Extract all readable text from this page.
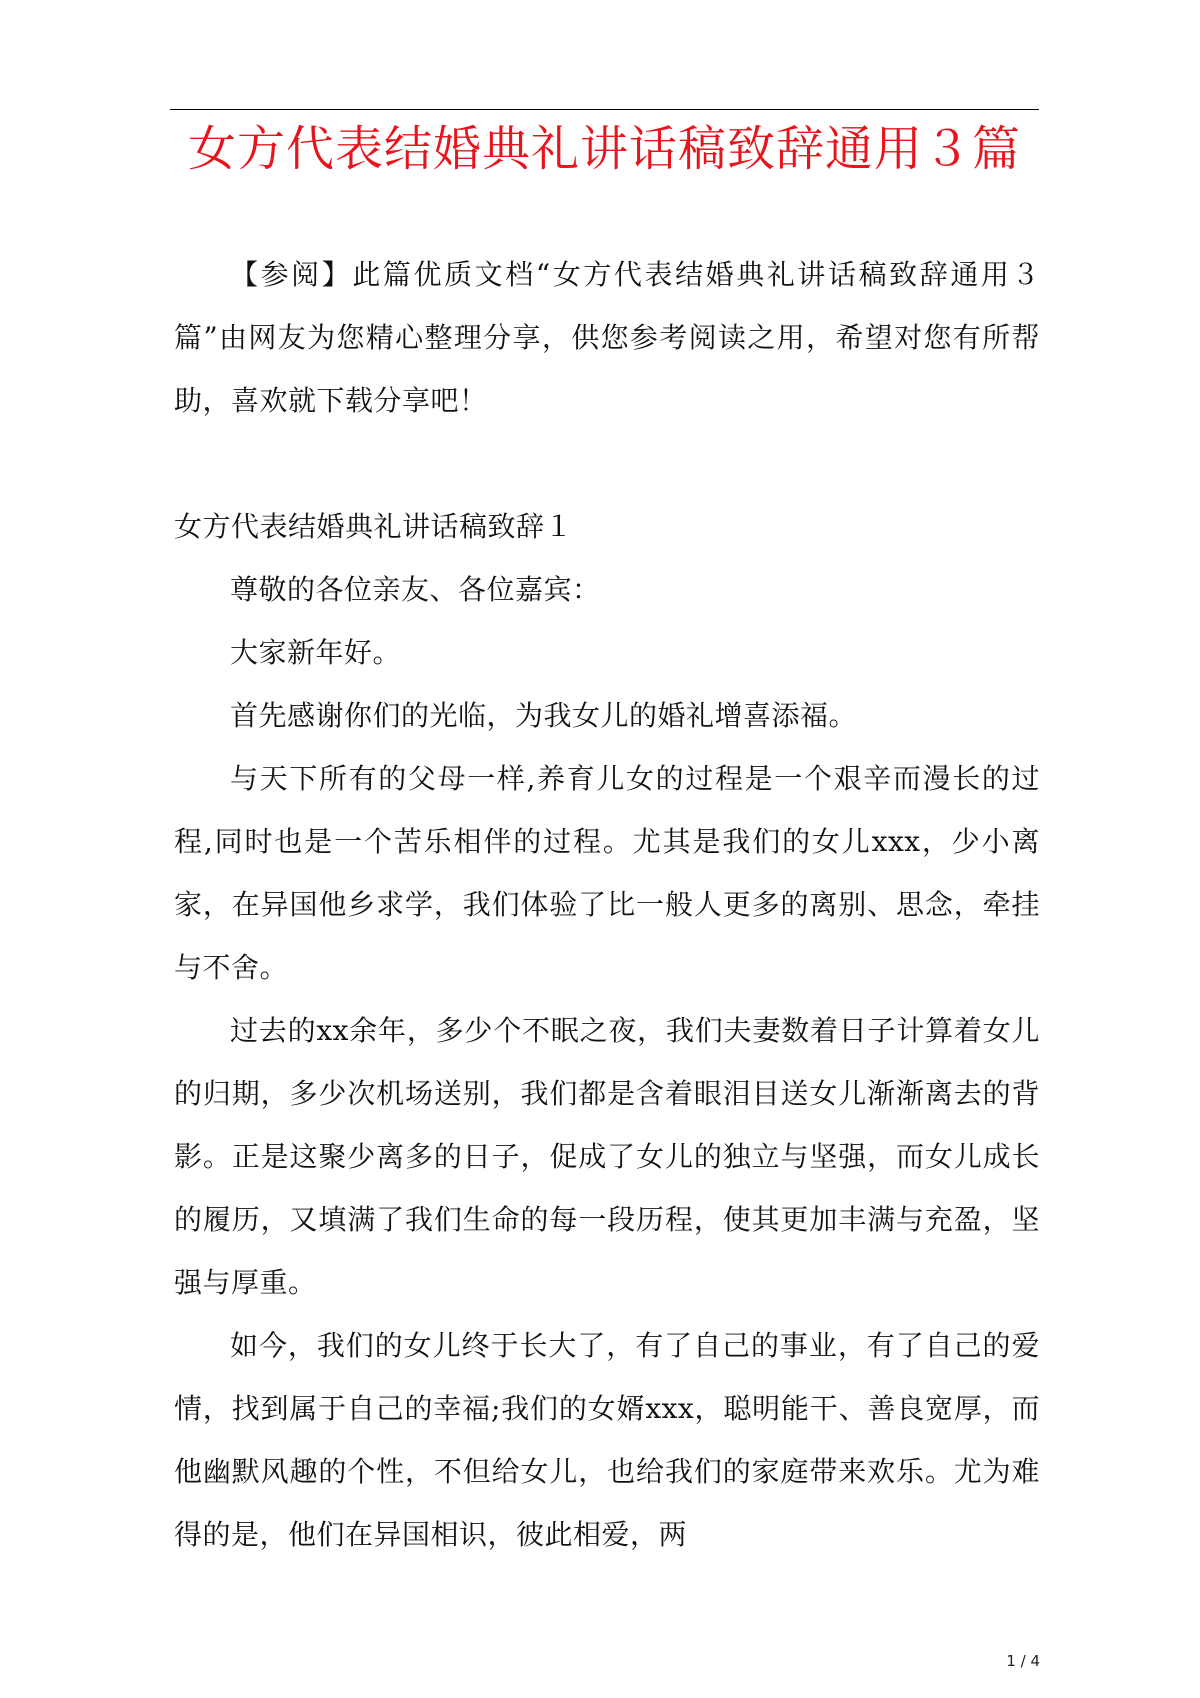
女方代表结婚典礼讲话稿致辞通用３篇

【参阅】此篇优质文档“女方代表结婚典礼讲话稿致辞通用３篇”由网友为您精心整理分享，供您参考阅读之用，希望对您有所帮助，喜欢就下载分享吧！

女方代表结婚典礼讲话稿致辞１

尊敬的各位亲友、各位嘉宾：

大家新年好。

首先感谢你们的光临，为我女儿的婚礼增喜添福。

与天下所有的父母一样,养育儿女的过程是一个艰辛而漫长的过程,同时也是一个苦乐相伴的过程。尤其是我们的女儿xxx，少小离家，在异国他乡求学，我们体验了比一般人更多的离别、思念，牵挂与不舍。

过去的xx余年，多少个不眠之夜，我们夫妻数着日子计算着女儿的归期，多少次机场送别，我们都是含着眼泪目送女儿渐渐离去的背影。正是这聚少离多的日子，促成了女儿的独立与坚强，而女儿成长的履历，又填满了我们生命的每一段历程，使其更加丰满与充盈，坚强与厚重。

如今，我们的女儿终于长大了，有了自己的事业，有了自己的爱情，找到属于自己的幸福;我们的女婿xxx，聪明能干、善良宽厚，而他幽默风趣的个性，不但给女儿，也给我们的家庭带来欢乐。尤为难得的是，他们在异国相识，彼此相爱，两

1 / 4
